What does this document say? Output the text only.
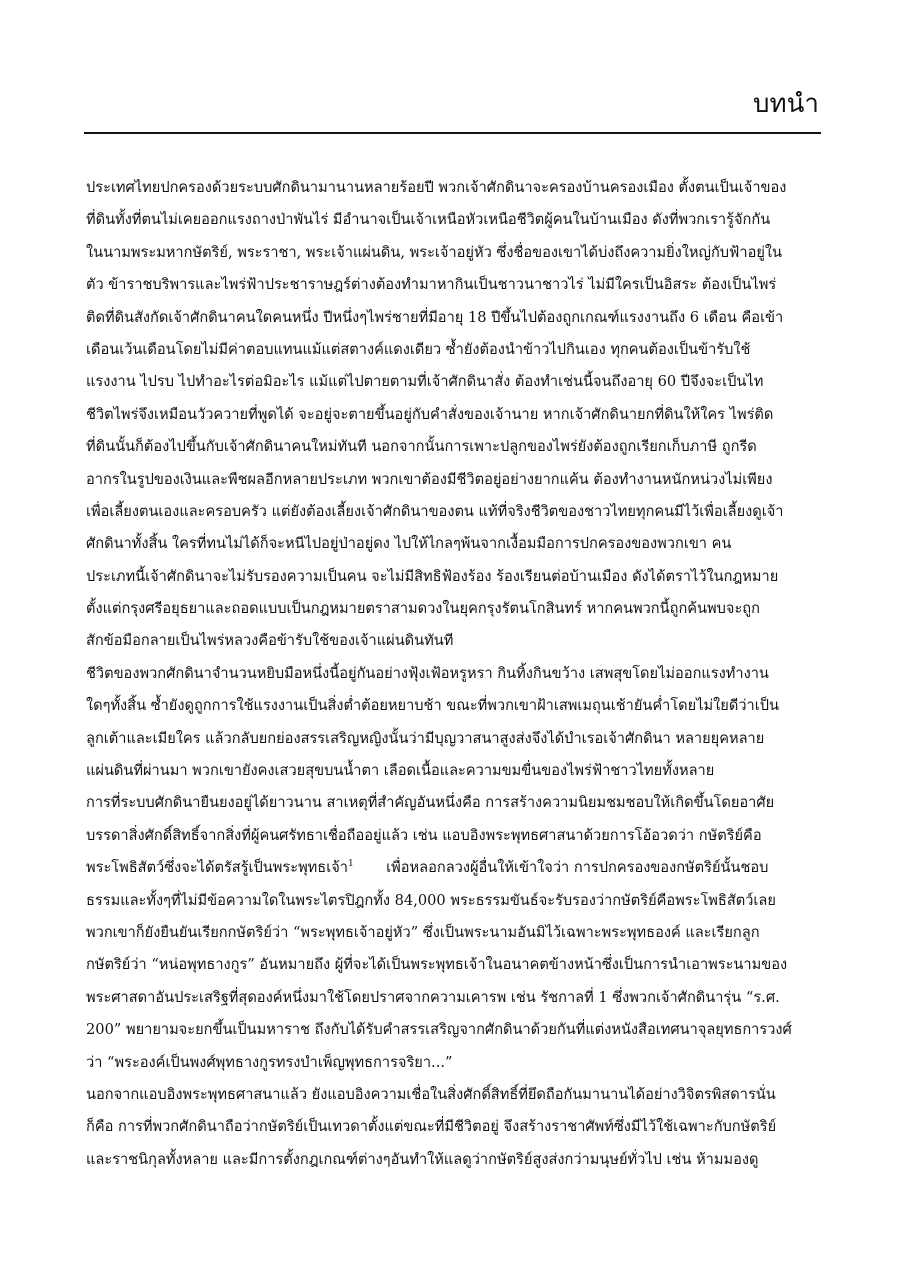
บทนำ
ประเทศไทยปกครองด้วยระบบศักดินามานานหลายร้อยปี พวกเจ้าศักดินาจะครองบ้านครองเมือง ตั้งตนเป็นเจ้าของ
ที่ดินทั้งที่ตนไม่เคยออกแรงถางป่าพันไร่ มีอำนาจเป็นเจ้าเหนือหัวเหนือชีวิตผู้คนในบ้านเมือง ดังที่พวกเรารู้จักกัน
ในนามพระมหากษัตริย์, พระราชา, พระเจ้าแผ่นดิน, พระเจ้าอยู่หัว ซึ่งชื่อของเขาได้บ่งถึงความยิ่งใหญ่กับฟ้าอยู่ใน
ตัว ข้าราชบริพารและไพร่ฟ้าประชาราษฎร์ต่างต้องทำมาหากินเป็นชาวนาชาวไร่ ไม่มีใครเป็นอิสระ ต้องเป็นไพร่
ติดที่ดินสังกัดเจ้าศักดินาคนใดคนหนึ่ง ปีหนึ่งๆไพร่ชายที่มีอายุ 18 ปีขึ้นไปต้องถูกเกณฑ์แรงงานถึง 6 เดือน คือเข้า
เดือนเว้นเดือนโดยไม่มีค่าตอบแทนแม้แต่สตางค์แดงเดียว ซ้ำยังต้องนำข้าวไปกินเอง ทุกคนต้องเป็นข้ารับใช้
แรงงาน ไปรบ ไปทำอะไรต่อมิอะไร แม้แต่ไปตายตามที่เจ้าศักดินาสั่ง ต้องทำเช่นนี้จนถึงอายุ 60 ปีจึงจะเป็นไท
ชีวิตไพร่จึงเหมือนวัวควายที่พูดได้ จะอยู่จะตายขึ้นอยู่กับคำสั่งของเจ้านาย หากเจ้าศักดินายกที่ดินให้ใคร ไพร่ติด
ที่ดินนั้นก็ต้องไปขึ้นกับเจ้าศักดินาคนใหม่ทันที นอกจากนั้นการเพาะปลูกของไพร่ยังต้องถูกเรียกเก็บภาษี ถูกรีด
อากรในรูปของเงินและพืชผลอีกหลายประเภท พวกเขาต้องมีชีวิตอยู่อย่างยากแค้น ต้องทำงานหนักหน่วงไม่เพียง
เพื่อเลี้ยงตนเองและครอบครัว แต่ยังต้องเลี้ยงเจ้าศักดินาของตน แท้ที่จริงชีวิตของชาวไทยทุกคนมีไว้เพื่อเลี้ยงดูเจ้า
ศักดินาทั้งสิ้น ใครที่ทนไม่ได้ก็จะหนีไปอยู่ป่าอยู่ดง ไปให้ไกลๆพ้นจากเงื้อมมือการปกครองของพวกเขา คน
ประเภทนี้เจ้าศักดินาจะไม่รับรองความเป็นคน จะไม่มีสิทธิฟ้องร้อง ร้องเรียนต่อบ้านเมือง ดังได้ตราไว้ในกฎหมาย
ตั้งแต่กรุงศรีอยุธยาและถอดแบบเป็นกฎหมายตราสามดวงในยุคกรุงรัตนโกสินทร์ หากคนพวกนี้ถูกค้นพบจะถูก
สักข้อมือกลายเป็นไพร่หลวงคือข้ารับใช้ของเจ้าแผ่นดินทันที
ชีวิตของพวกศักดินาจำนวนหยิบมือหนึ่งนี้อยู่กันอย่างฟุ้งเฟ้อหรูหรา กินทิ้งกินขว้าง เสพสุขโดยไม่ออกแรงทำงาน
ใดๆทั้งสิ้น ซ้ำยังดูถูกการใช้แรงงานเป็นสิ่งต่ำต้อยหยาบช้า ขณะที่พวกเขาฝ้าเสพเมถุนเช้ายันค่ำโดยไม่ใยดีว่าเป็น
ลูกเต้าและเมียใคร แล้วกลับยกย่องสรรเสริญหญิงนั้นว่ามีบุญวาสนาสูงส่งจึงได้บำเรอเจ้าศักดินา หลายยุคหลาย
แผ่นดินที่ผ่านมา พวกเขายังคงเสวยสุขบนน้ำตา เลือดเนื้อและความขมขื่นของไพร่ฟ้าชาวไทยทั้งหลาย
การที่ระบบศักดินายืนยงอยู่ได้ยาวนาน สาเหตุที่สำคัญอันหนึ่งคือ การสร้างความนิยมชมชอบให้เกิดขึ้นโดยอาศัย
บรรดาสิ่งศักดิ์สิทธิ์จากสิ่งที่ผู้คนศรัทธาเชื่อถืออยู่แล้ว เช่น แอบอิงพระพุทธศาสนาด้วยการโอ้อวดว่า กษัตริย์คือ
พระโพธิสัตว์ซึ่งจะได้ตรัสรู้เป็นพระพุทธเจ้า$^1$ เพื่อหลอกลวงผู้อื่นให้เข้าใจว่า การปกครองของกษัตริย์นั้นชอบ
ธรรมและทั้งๆที่ไม่มีข้อความใดในพระไตรปิฎกทั้ง 84,000 พระธรรมขันธ์จะรับรองว่ากษัตริย์คือพระโพธิสัตว์เลย
พวกเขาก็ยังยืนยันเรียกกษัตริย์ว่า “พระพุทธเจ้าอยู่หัว” ซึ่งเป็นพระนามอันมิไว้เฉพาะพระพุทธองค์ และเรียกลูก
กษัตริย์ว่า “หน่อพุทธางกูร” อันหมายถึง ผู้ที่จะได้เป็นพระพุทธเจ้าในอนาคตข้างหน้าซึ่งเป็นการนำเอาพระนามของ
พระศาสดาอันประเสริฐที่สุดองค์หนึ่งมาใช้โดยปราศจากความเคารพ เช่น รัชกาลที่ 1 ซึ่งพวกเจ้าศักดินารุ่น “ร.ศ.
200” พยายามจะยกขึ้นเป็นมหาราช ถึงกับได้รับคำสรรเสริญจากศักดินาด้วยกันที่แต่งหนังสือเทศนาจุลยุทธการวงศ์
ว่า “พระองค์เป็นพงศ์พุทธางกูรทรงบำเพ็ญพุทธการจริยา...”
นอกจากแอบอิงพระพุทธศาสนาแล้ว ยังแอบอิงความเชื่อในสิ่งศักดิ์สิทธิ์ที่ยึดถือกันมานานได้อย่างวิจิตรพิสดารนั่น
ก็คือ การที่พวกศักดินาถือว่ากษัตริย์เป็นเทวดาตั้งแต่ขณะที่มีชีวิตอยู่ จึงสร้างราชาศัพท์ซึ่งมีไว้ใช้เฉพาะกับกษัตริย์
และราชนิกุลทั้งหลาย และมีการตั้งกฎเกณฑ์ต่างๆอันทำให้แลดูว่ากษัตริย์สูงส่งกว่ามนุษย์ทั่วไป เช่น ห้ามมองดู
